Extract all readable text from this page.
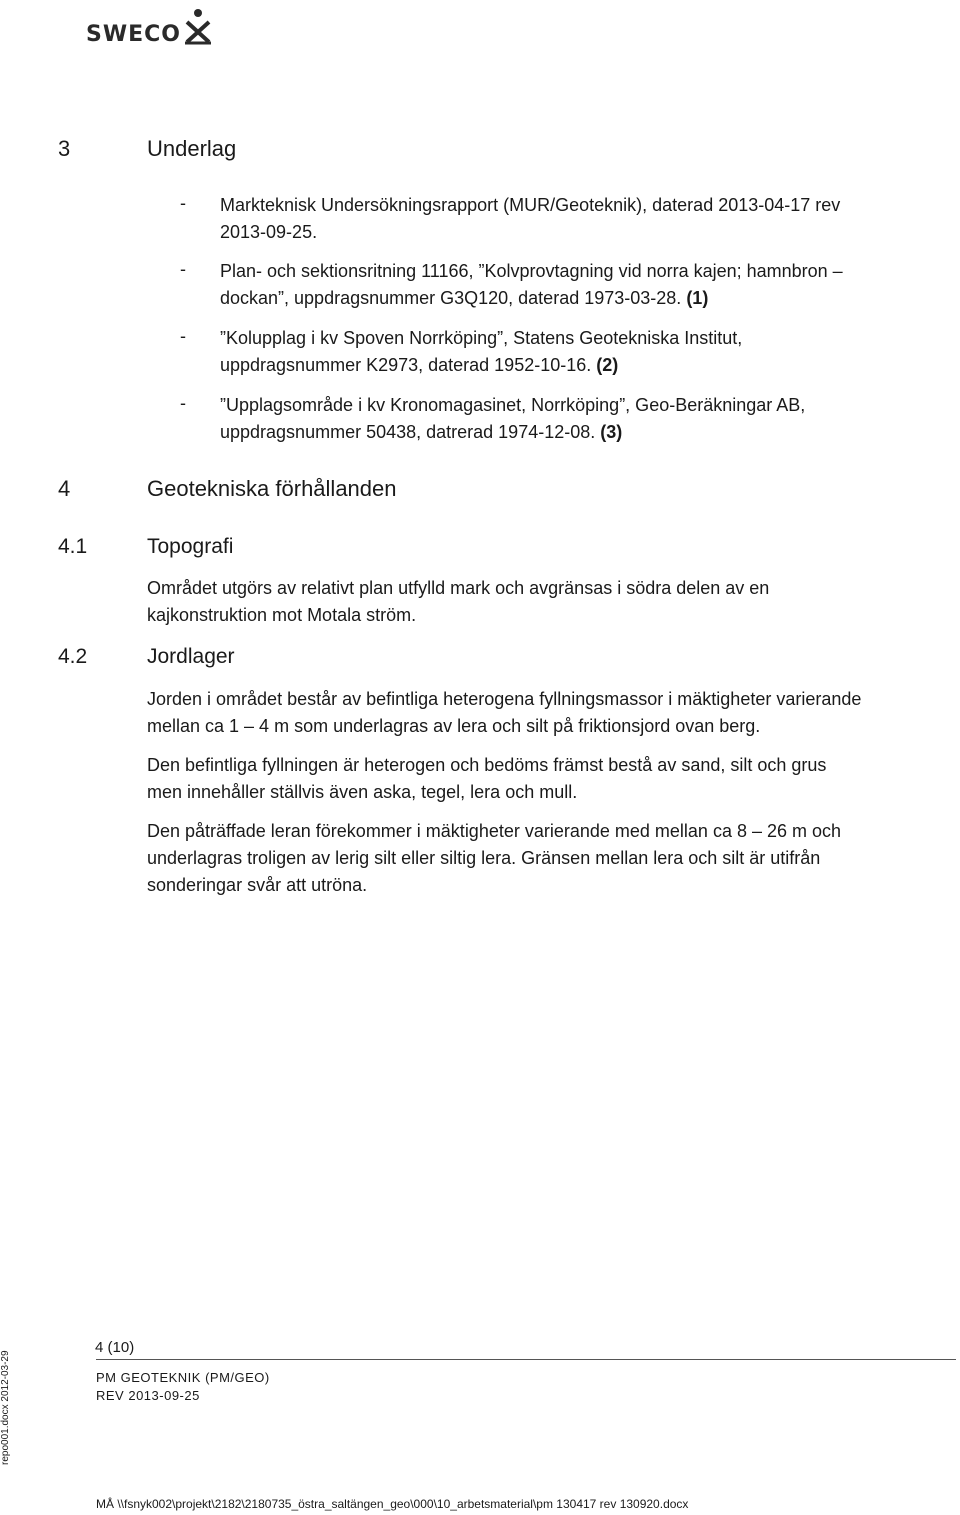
SWECO
3	Underlag
- Markteknisk Undersökningsrapport (MUR/Geoteknik), daterad 2013-04-17 rev
2013-09-25.
- Plan- och sektionsritning 11166, ”Kolvprovtagning vid norra kajen; hamnbron –
dockan”, uppdragsnummer G3Q120, daterad 1973-03-28. (1)
- ”Kolupplag i kv Spoven Norrköping”, Statens Geotekniska Institut,
uppdragsnummer K2973, daterad 1952-10-16. (2)
- ”Upplagsområde i kv Kronomagasinet, Norrköping”, Geo-Beräkningar AB,
uppdragsnummer 50438, datrerad 1974-12-08. (3)
4	Geotekniska förhållanden
4.1	Topografi
Området utgörs av relativt plan utfylld mark och avgränsas i södra delen av en
kajkonstruktion mot Motala ström.
4.2	Jordlager
Jorden i området består av befintliga heterogena fyllningsmassor i mäktigheter varierande
mellan ca 1 – 4 m som underlagras av lera och silt på friktionsjord ovan berg.
Den befintliga fyllningen är heterogen och bedöms främst bestå av sand, silt och grus
men innehåller ställvis även aska, tegel, lera och mull.
Den påträffade leran förekommer i mäktigheter varierande med mellan ca 8 – 26 m och
underlagras troligen av lerig silt eller siltig lera. Gränsen mellan lera och silt är utifrån
sonderingar svår att utröna.
4 (10)
PM GEOTEKNIK (PM/GEO)
REV 2013-09-25
MÅ \\fsnyk002\projekt\2182\2180735_östra_saltängen_geo\000\10_arbetsmaterial\pm 130417 rev 130920.docx
repo001.docx 2012-03-29
